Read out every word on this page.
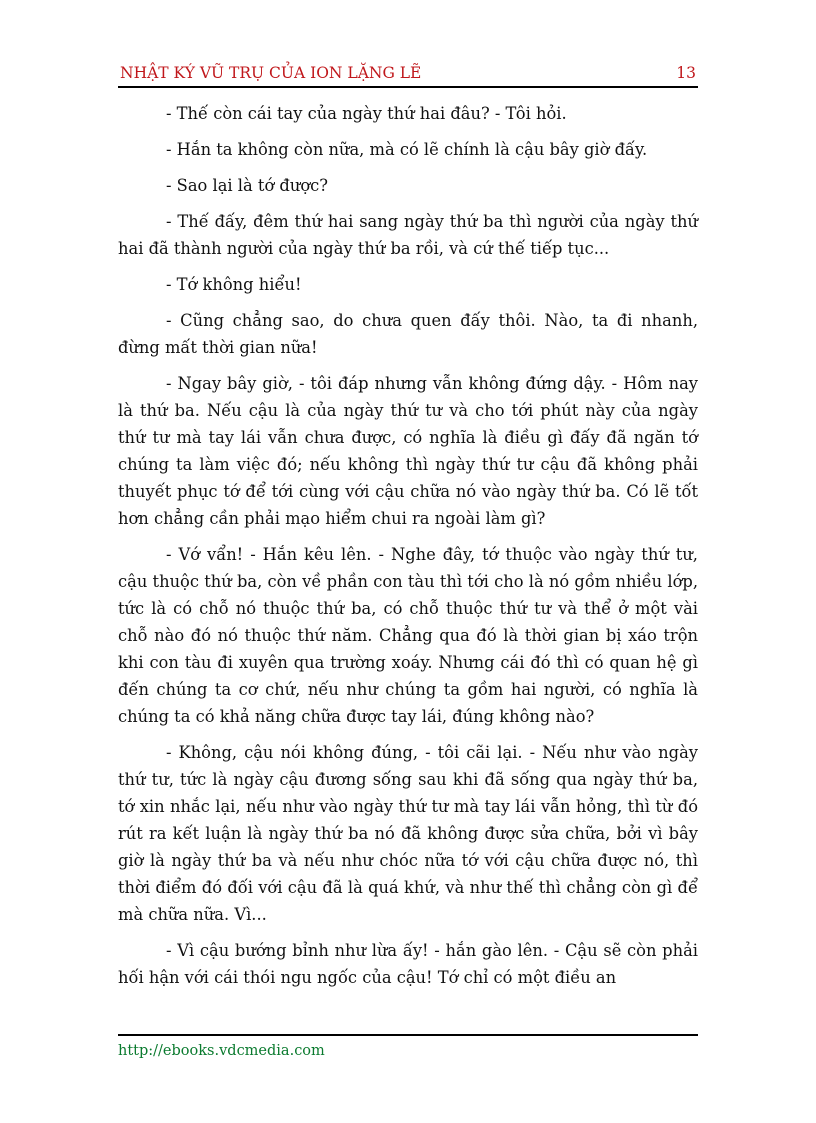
NHẬT KÝ VŨ TRỤ CỦA ION LẶNG LẼ	13

- Thế còn cái tay của ngày thứ hai đâu? - Tôi hỏi.

- Hắn ta không còn nữa, mà có lẽ chính là cậu bây giờ đấy.

- Sao lại là tớ được?

- Thế đấy, đêm thứ hai sang ngày thứ ba thì người của ngày thứ hai đã thành người của ngày thứ ba rồi, và cứ thế tiếp tục...

- Tớ không hiểu!

- Cũng chẳng sao, do chưa quen đấy thôi. Nào, ta đi nhanh, đừng mất thời gian nữa!

- Ngay bây giờ, - tôi đáp nhưng vẫn không đứng dậy. - Hôm nay là thứ ba. Nếu cậu là của ngày thứ tư và cho tới phút này của ngày thứ tư mà tay lái vẫn chưa được, có nghĩa là điều gì đấy đã ngăn tớ chúng ta làm việc đó; nếu không thì ngày thứ tư cậu đã không phải thuyết phục tớ để tới cùng với cậu chữa nó vào ngày thứ ba. Có lẽ tốt hơn chẳng cần phải mạo hiểm chui ra ngoài làm gì?

- Vớ vẩn! - Hắn kêu lên. - Nghe đây, tớ thuộc vào ngày thứ tư, cậu thuộc thứ ba, còn về phần con tàu thì tới cho là nó gồm nhiều lớp, tức là có chỗ nó thuộc thứ ba, có chỗ thuộc thứ tư và thể ở một vài chỗ nào đó nó thuộc thứ năm. Chẳng qua đó là thời gian bị xáo trộn khi con tàu đi xuyên qua trường xoáy. Nhưng cái đó thì có quan hệ gì đến chúng ta cơ chứ, nếu như chúng ta gồm hai người, có nghĩa là chúng ta có khả năng chữa được tay lái, đúng không nào?

- Không, cậu nói không đúng, - tôi cãi lại. - Nếu như vào ngày thứ tư, tức là ngày cậu đương sống sau khi đã sống qua ngày thứ ba, tớ xin nhắc lại, nếu như vào ngày thứ tư mà tay lái vẫn hỏng, thì từ đó rút ra kết luận là ngày thứ ba nó đã không được sửa chữa, bởi vì bây giờ là ngày thứ ba và nếu như chóc nữa tớ với cậu chữa được nó, thì thời điểm đó đối với cậu đã là quá khứ, và như thế thì chẳng còn gì để mà chữa nữa. Vì...

- Vì cậu bướng bỉnh như lừa ấy! - hắn gào lên. - Cậu sẽ còn phải hối hận với cái thói ngu ngốc của cậu! Tớ chỉ có một điều an

http://ebooks.vdcmedia.com
